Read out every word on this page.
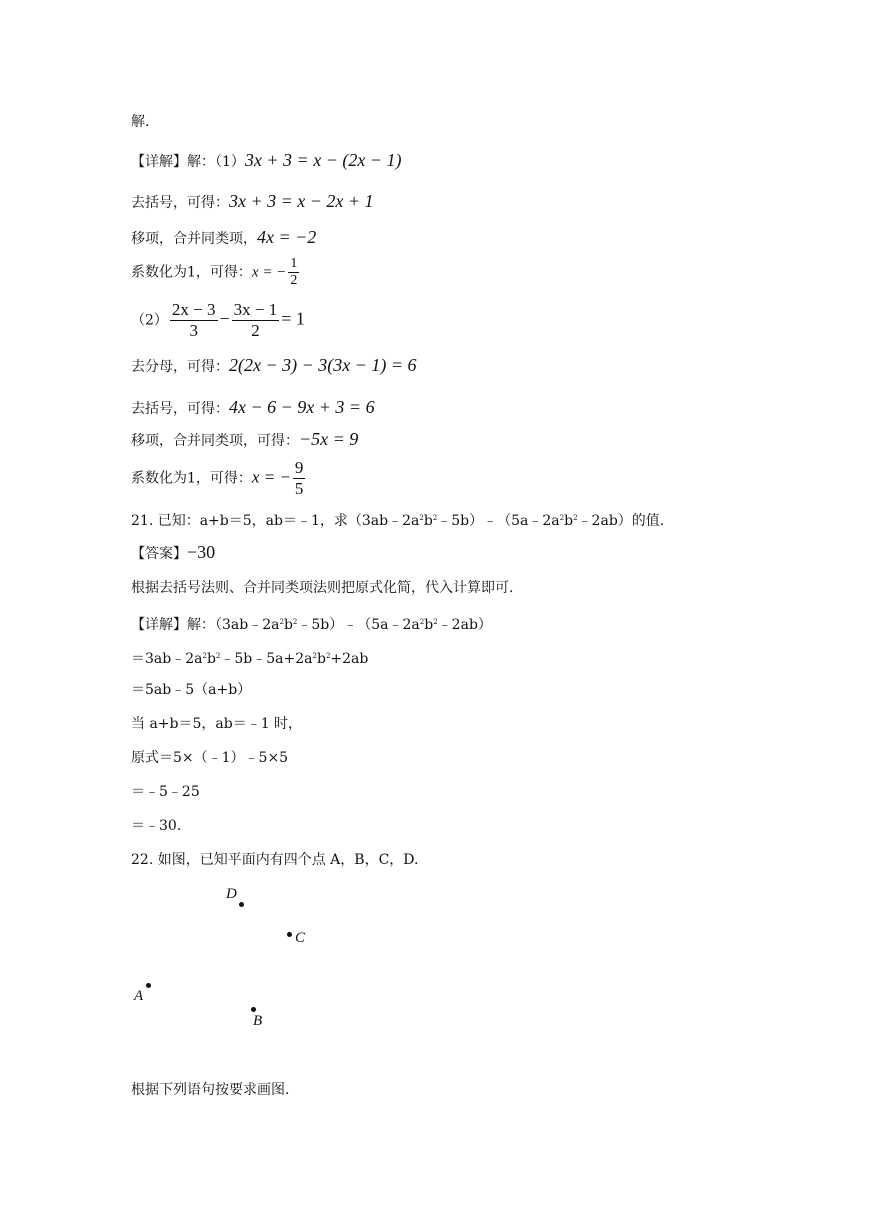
解.
【详解】解：（1）3x + 3 = x − (2x − 1)
去括号，可得：3x + 3 = x − 2x + 1
移项，合并同类项，4x = −2
系数化为1，可得：x = − $\frac{1}{2}$
$(2) \frac{2x - 3}{3} - \frac{3x - 1}{2} = 1$
去分母，可得：2(2x − 3) − 3(3x − 1) = 6
去括号，可得：4x − 6 − 9x + 3 = 6
移项，合并同类项，可得：−5x = 9
系数化为1，可得：x = − $\frac{9}{5}$
21. 已知：a+b＝5，ab＝﹣1，求$(3ab﹣2a^2b^2﹣5b)﹣(5a﹣2a^2b^2﹣2ab)$的值.
【答案】−30
根据去括号法则、合并同类项法则把原式化简，代入计算即可.
【详解】解：$(3ab﹣2a^2b^2﹣5b)﹣(5a﹣2a^2b^2﹣2ab)$
$=3ab﹣2a^2b^2﹣5b﹣5a+2a^2b^2+2ab$
＝5ab﹣5（a+b）
当 a+b＝5，ab＝﹣1 时，
原式＝5×（﹣1）﹣5×5
＝﹣5﹣25
＝﹣30.
22. 如图，已知平面内有四个点 A，B，C，D.
D
C
A
B
根据下列语句按要求画图.
